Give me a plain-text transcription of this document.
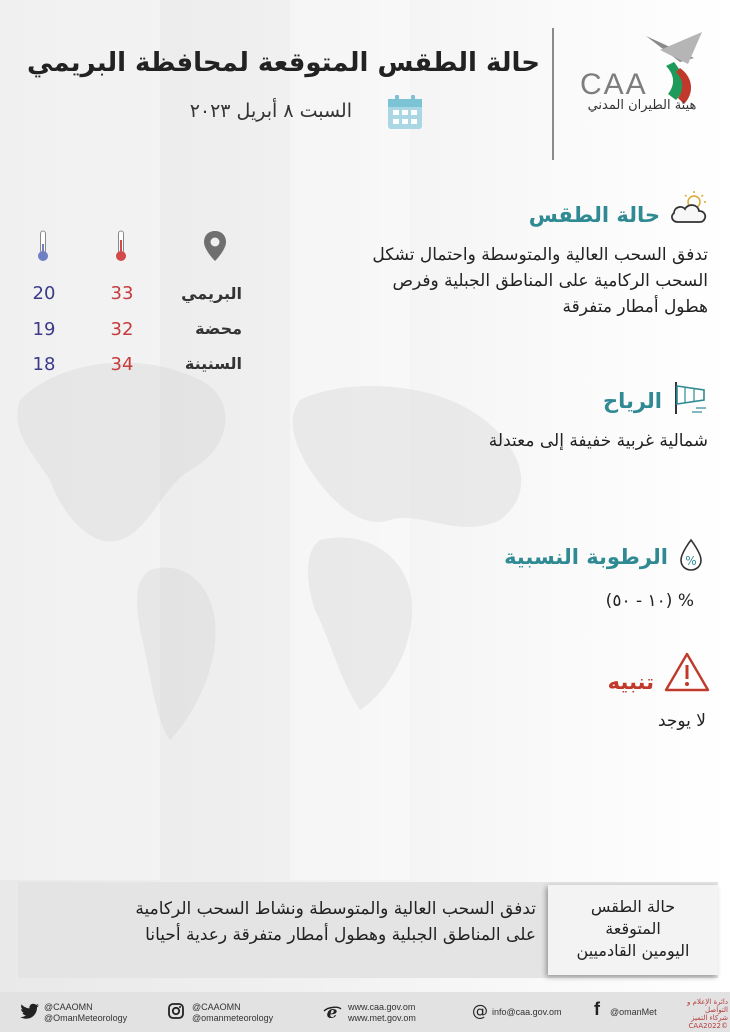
حالة الطقس المتوقعة لمحافظة البريمي
السبت ٨ أبريل ٢٠٢٣
CAA
هيئة الطيران المدني
حالة الطقس
تدفق السحب العالية والمتوسطة واحتمال تشكل
السحب الركامية على المناطق الجبلية وفرص
هطول أمطار متفرقة
البريمي
33
20
محضة
32
19
السنينة
34
18
الرياح
شمالية غربية خفيفة إلى معتدلة
%
الرطوبة النسبية
% (١٠ - ٥٠)
تنبيه
لا يوجد
حالة الطقس
المتوقعة
اليومين القادميين
تدفق السحب العالية والمتوسطة ونشاط السحب الركامية
على المناطق الجبلية وهطول أمطار متفرقة رعدية أحيانا
@CAAOMN
@OmanMeteorology
@CAAOMN
@omanmeteorology	e www.caa.gov.om
www.met.gov.om	@ info@caa.gov.om f @omanMet
دائرة الإعلام و التواصل
شركاء التميز
©CAA2022
